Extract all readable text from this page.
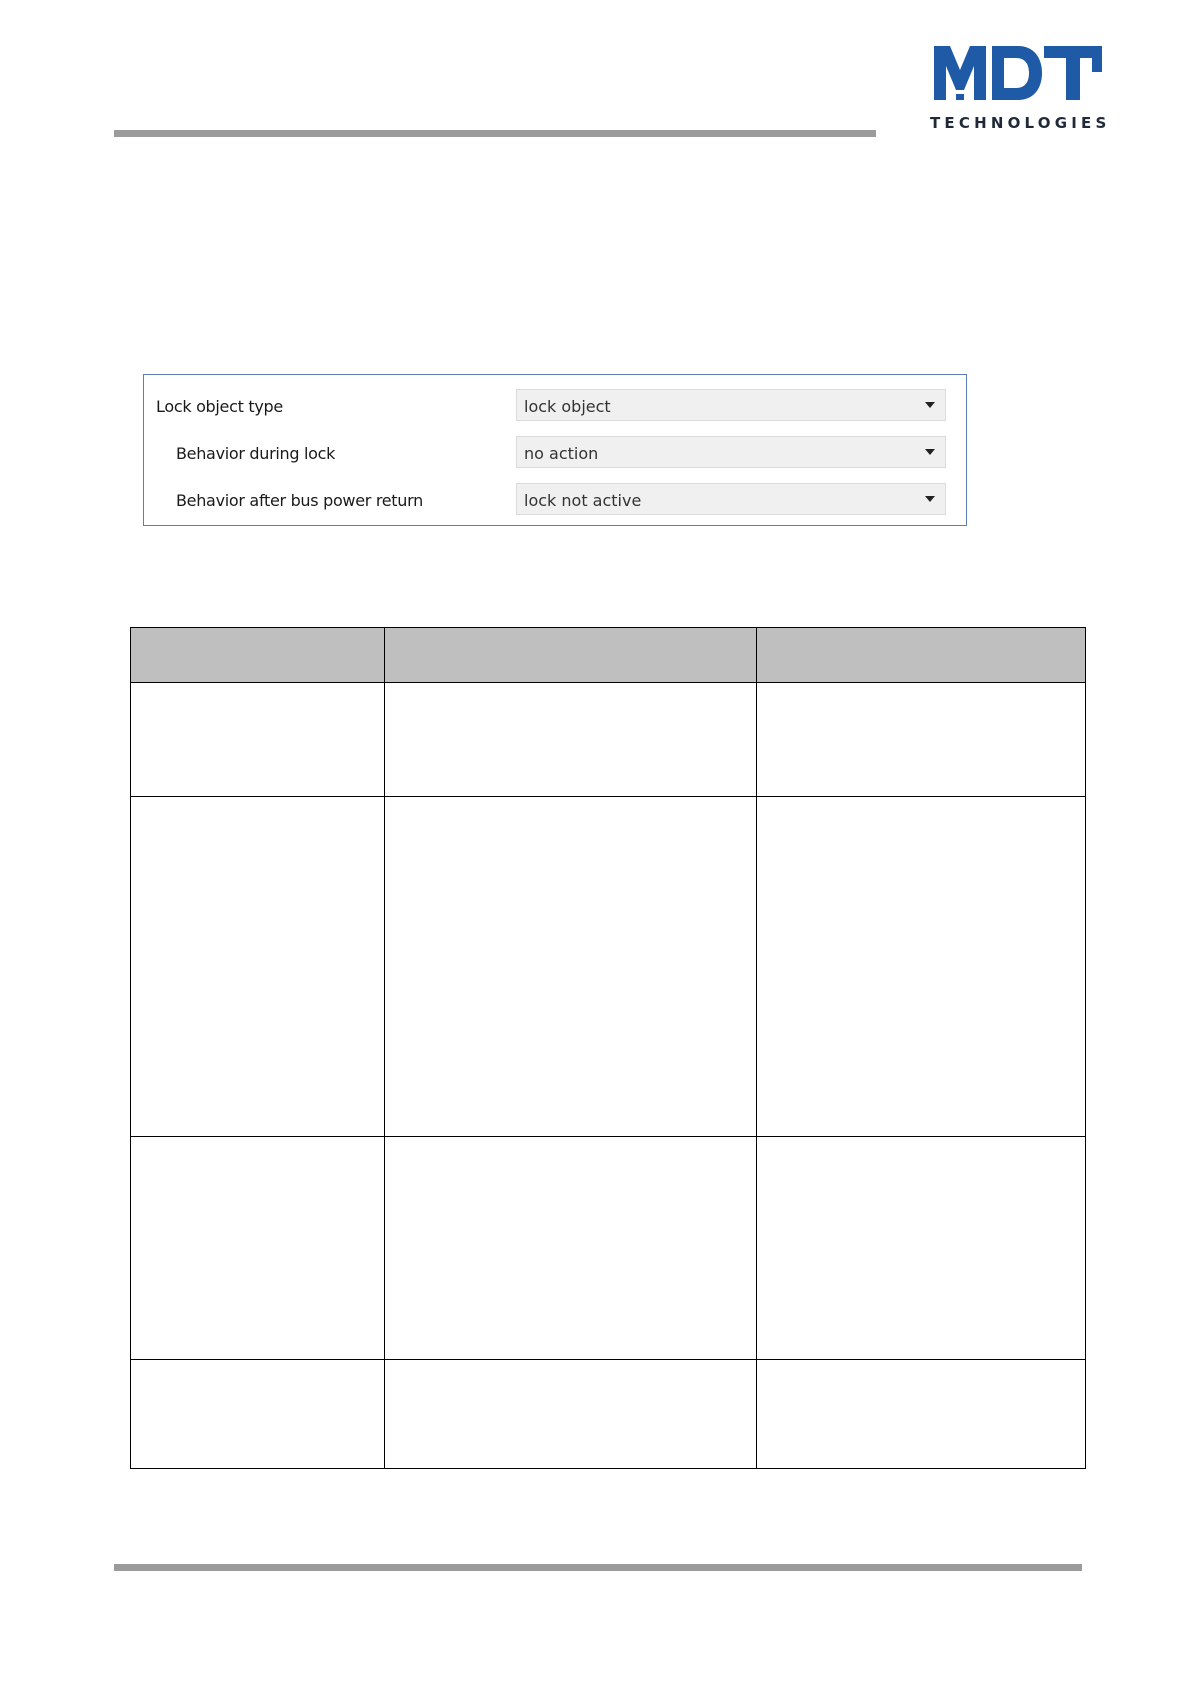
TECHNOLOGIES
Lock object type	lock object
Behavior during lock	no action
Behavior after bus power return	lock not active
